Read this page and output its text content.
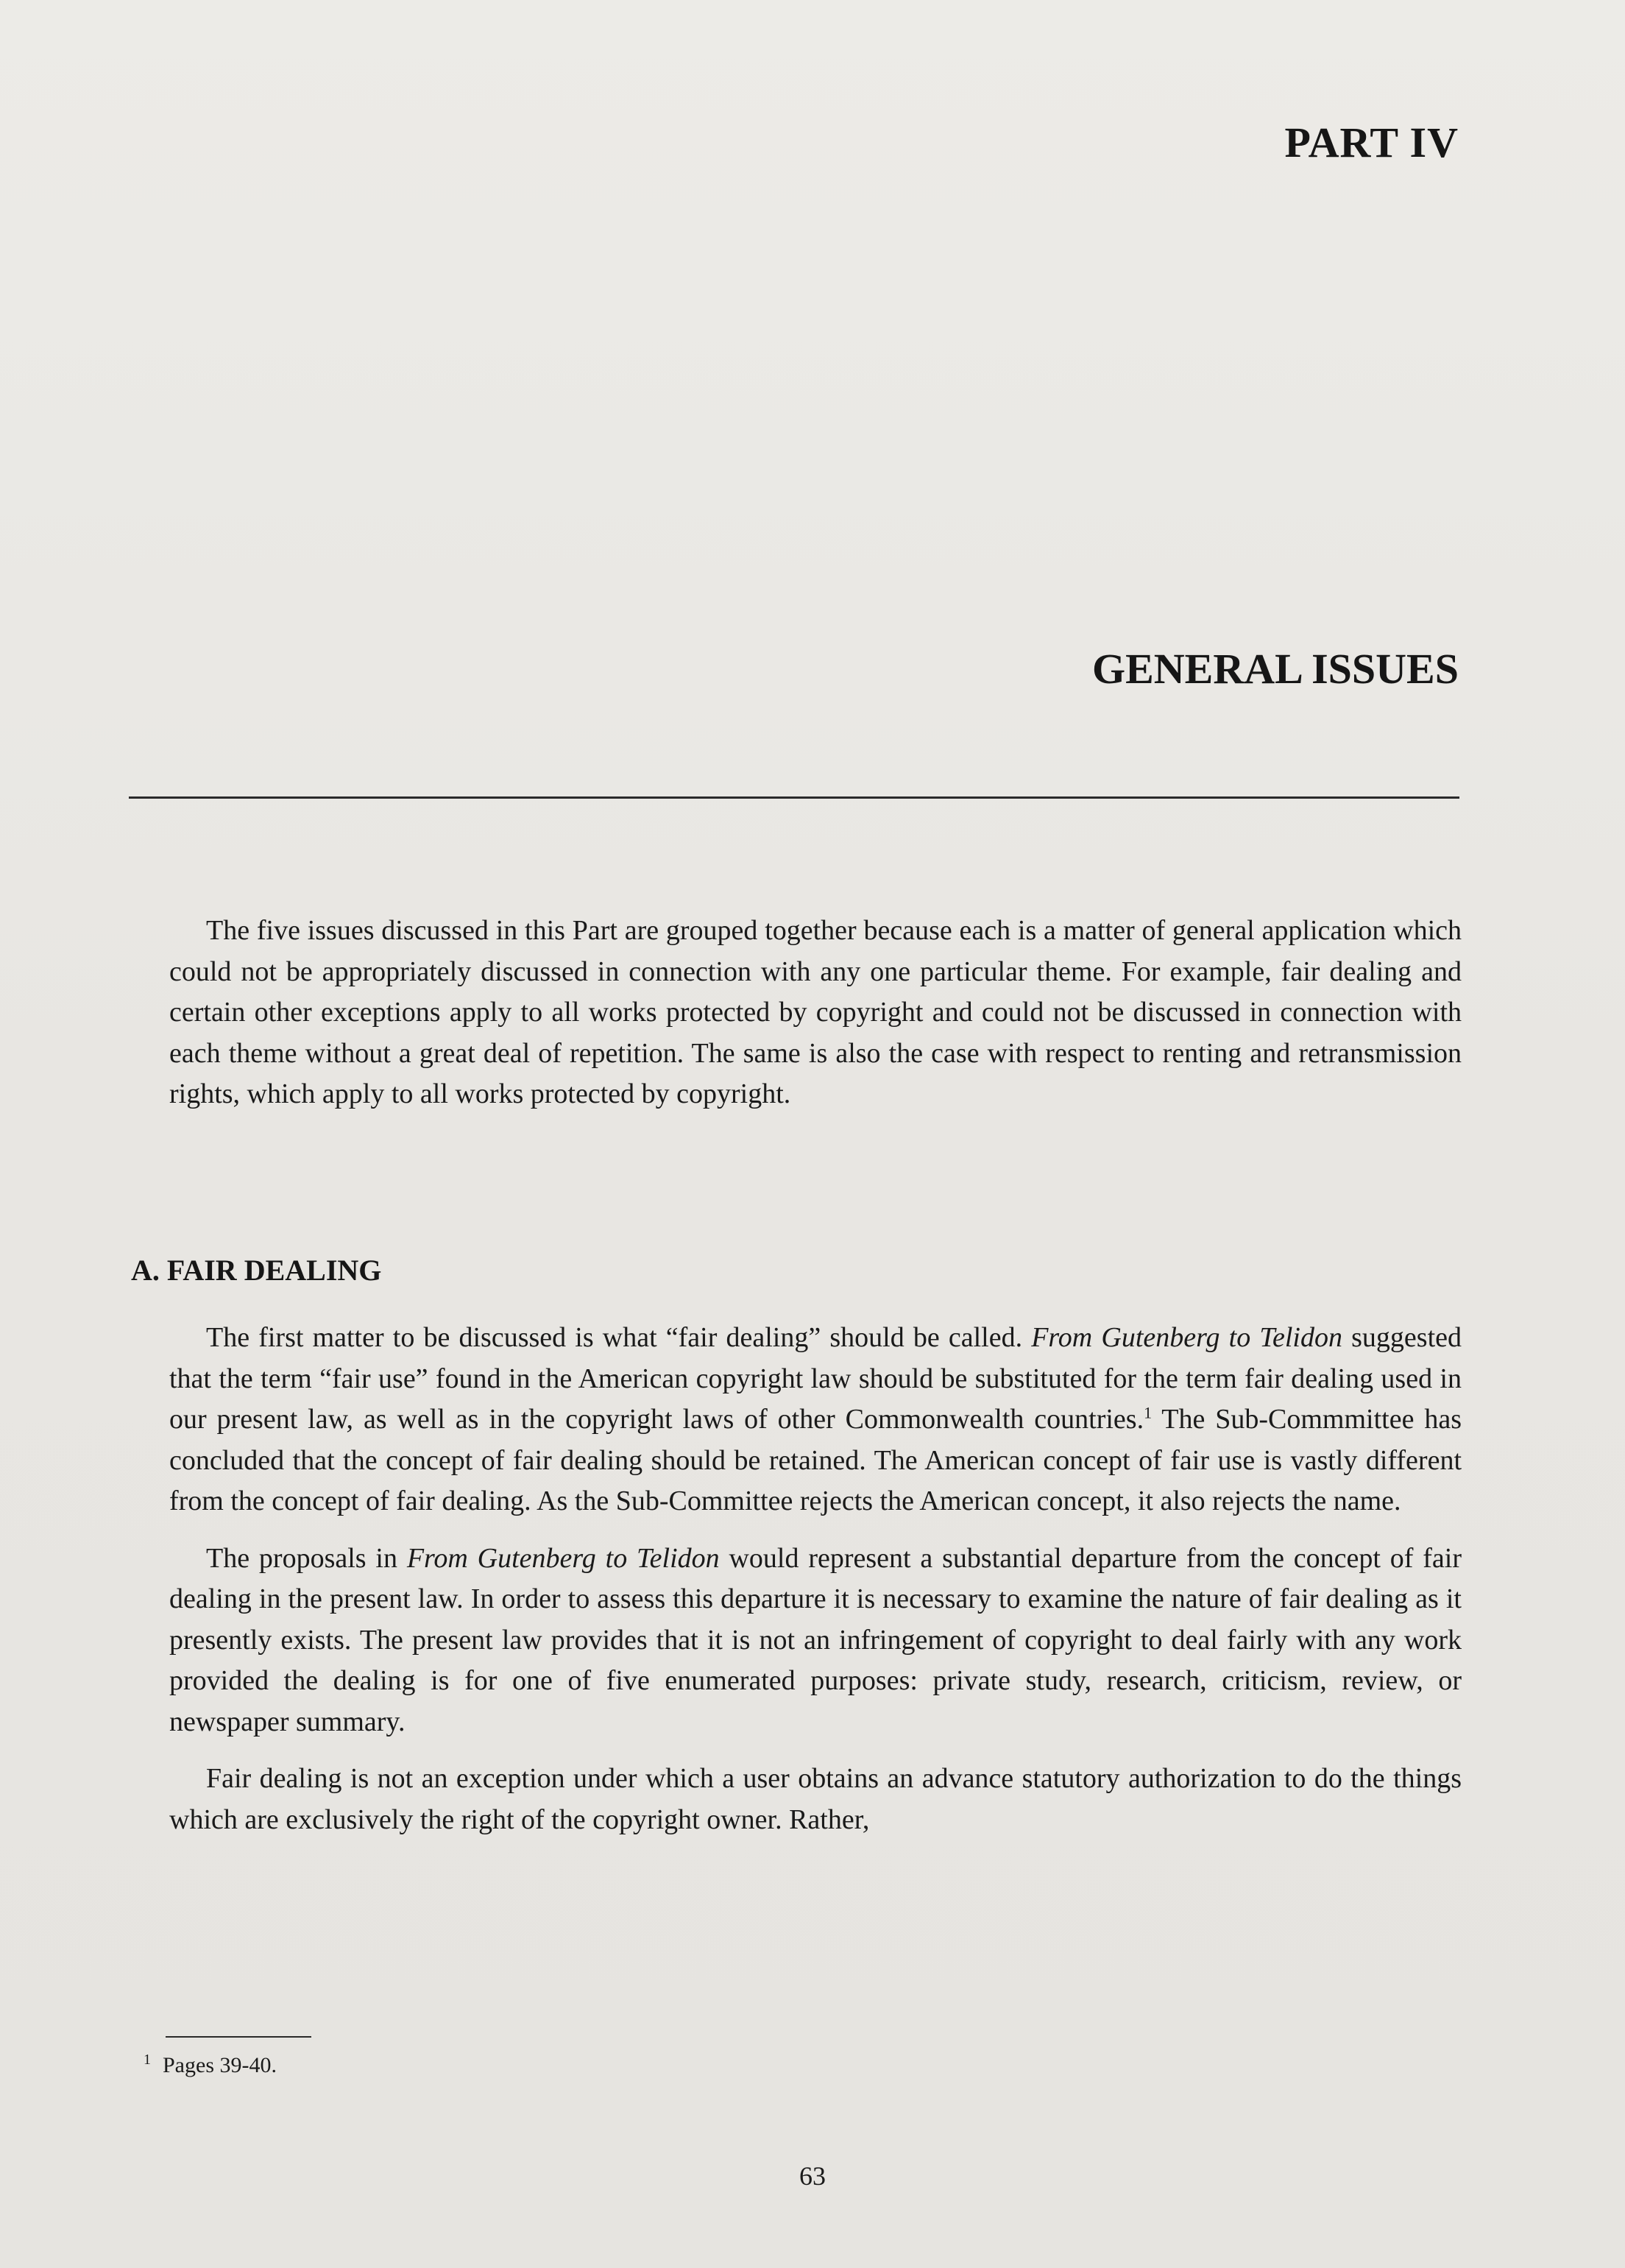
PART IV
GENERAL ISSUES

The five issues discussed in this Part are grouped together because each is a matter of general application which could not be appropriately discussed in connection with any one particular theme. For example, fair dealing and certain other exceptions apply to all works protected by copyright and could not be discussed in connection with each theme without a great deal of repetition. The same is also the case with respect to renting and retransmission rights, which apply to all works protected by copyright.

A. FAIR DEALING

The first matter to be discussed is what “fair dealing” should be called. From Gutenberg to Telidon suggested that the term “fair use” found in the American copyright law should be substituted for the term fair dealing used in our present law, as well as in the copyright laws of other Commonwealth countries.$^1$ The Sub-Commmittee has concluded that the concept of fair dealing should be retained. The American concept of fair use is vastly different from the concept of fair dealing. As the Sub-Committee rejects the American concept, it also rejects the name.

The proposals in From Gutenberg to Telidon would represent a substantial departure from the concept of fair dealing in the present law. In order to assess this departure it is necessary to examine the nature of fair dealing as it presently exists. The present law provides that it is not an infringement of copyright to deal fairly with any work provided the dealing is for one of five enumerated purposes: private study, research, criticism, review, or newspaper summary.

Fair dealing is not an exception under which a user obtains an advance statutory authorization to do the things which are exclusively the right of the copyright owner. Rather,

$^1$ Pages 39-40.
63
